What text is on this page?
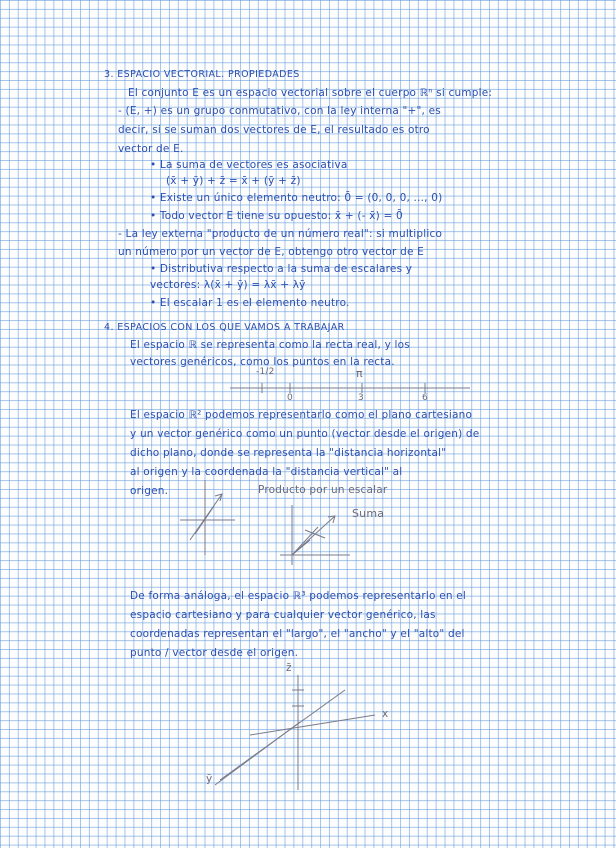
3. ESPACIO VECTORIAL. PROPIEDADES
El conjunto E es un espacio vectorial sobre el cuerpo ℝⁿ si cumple:
- (E, +) es un grupo conmutativo, con la ley interna "+", es
decir, si se suman dos vectores de E, el resultado es otro
vector de E.
• La suma de vectores es asociativa
(x̄ + ȳ) + z̄ = x̄ + (ȳ + z̄)
• Existe un único elemento neutro: 0̄ = (0, 0, 0, ..., 0)
• Todo vector E tiene su opuesto: x̄ + (- x̄) = 0̄
- La ley externa "producto de un número real": si multiplico
un número por un vector de E, obtengo otro vector de E
• Distributiva respecto a la suma de escalares y
vectores: λ(x̄ + ȳ) = λx̄ + λȳ
• El escalar 1 es el elemento neutro.
4. ESPACIOS CON LOS QUE VAMOS A TRABAJAR
El espacio ℝ se representa como la recta real, y los
vectores genéricos, como los puntos en la recta.
-1/2
0
π
3	6
El espacio ℝ² podemos representarlo como el plano cartesiano
y un vector genérico como un punto (vector desde el origen) de
dicho plano, donde se representa la "distancia horizontal"
al origen y la coordenada la "distancia vertical" al
origen.	Producto por un escalar
Suma
De forma análoga, el espacio ℝ³ podemos representarlo en el
espacio cartesiano y para cualquier vector genérico, las
coordenadas representan el "largo", el "ancho" y el "alto" del
punto / vector desde el origen.
x
z̄
ȳ
